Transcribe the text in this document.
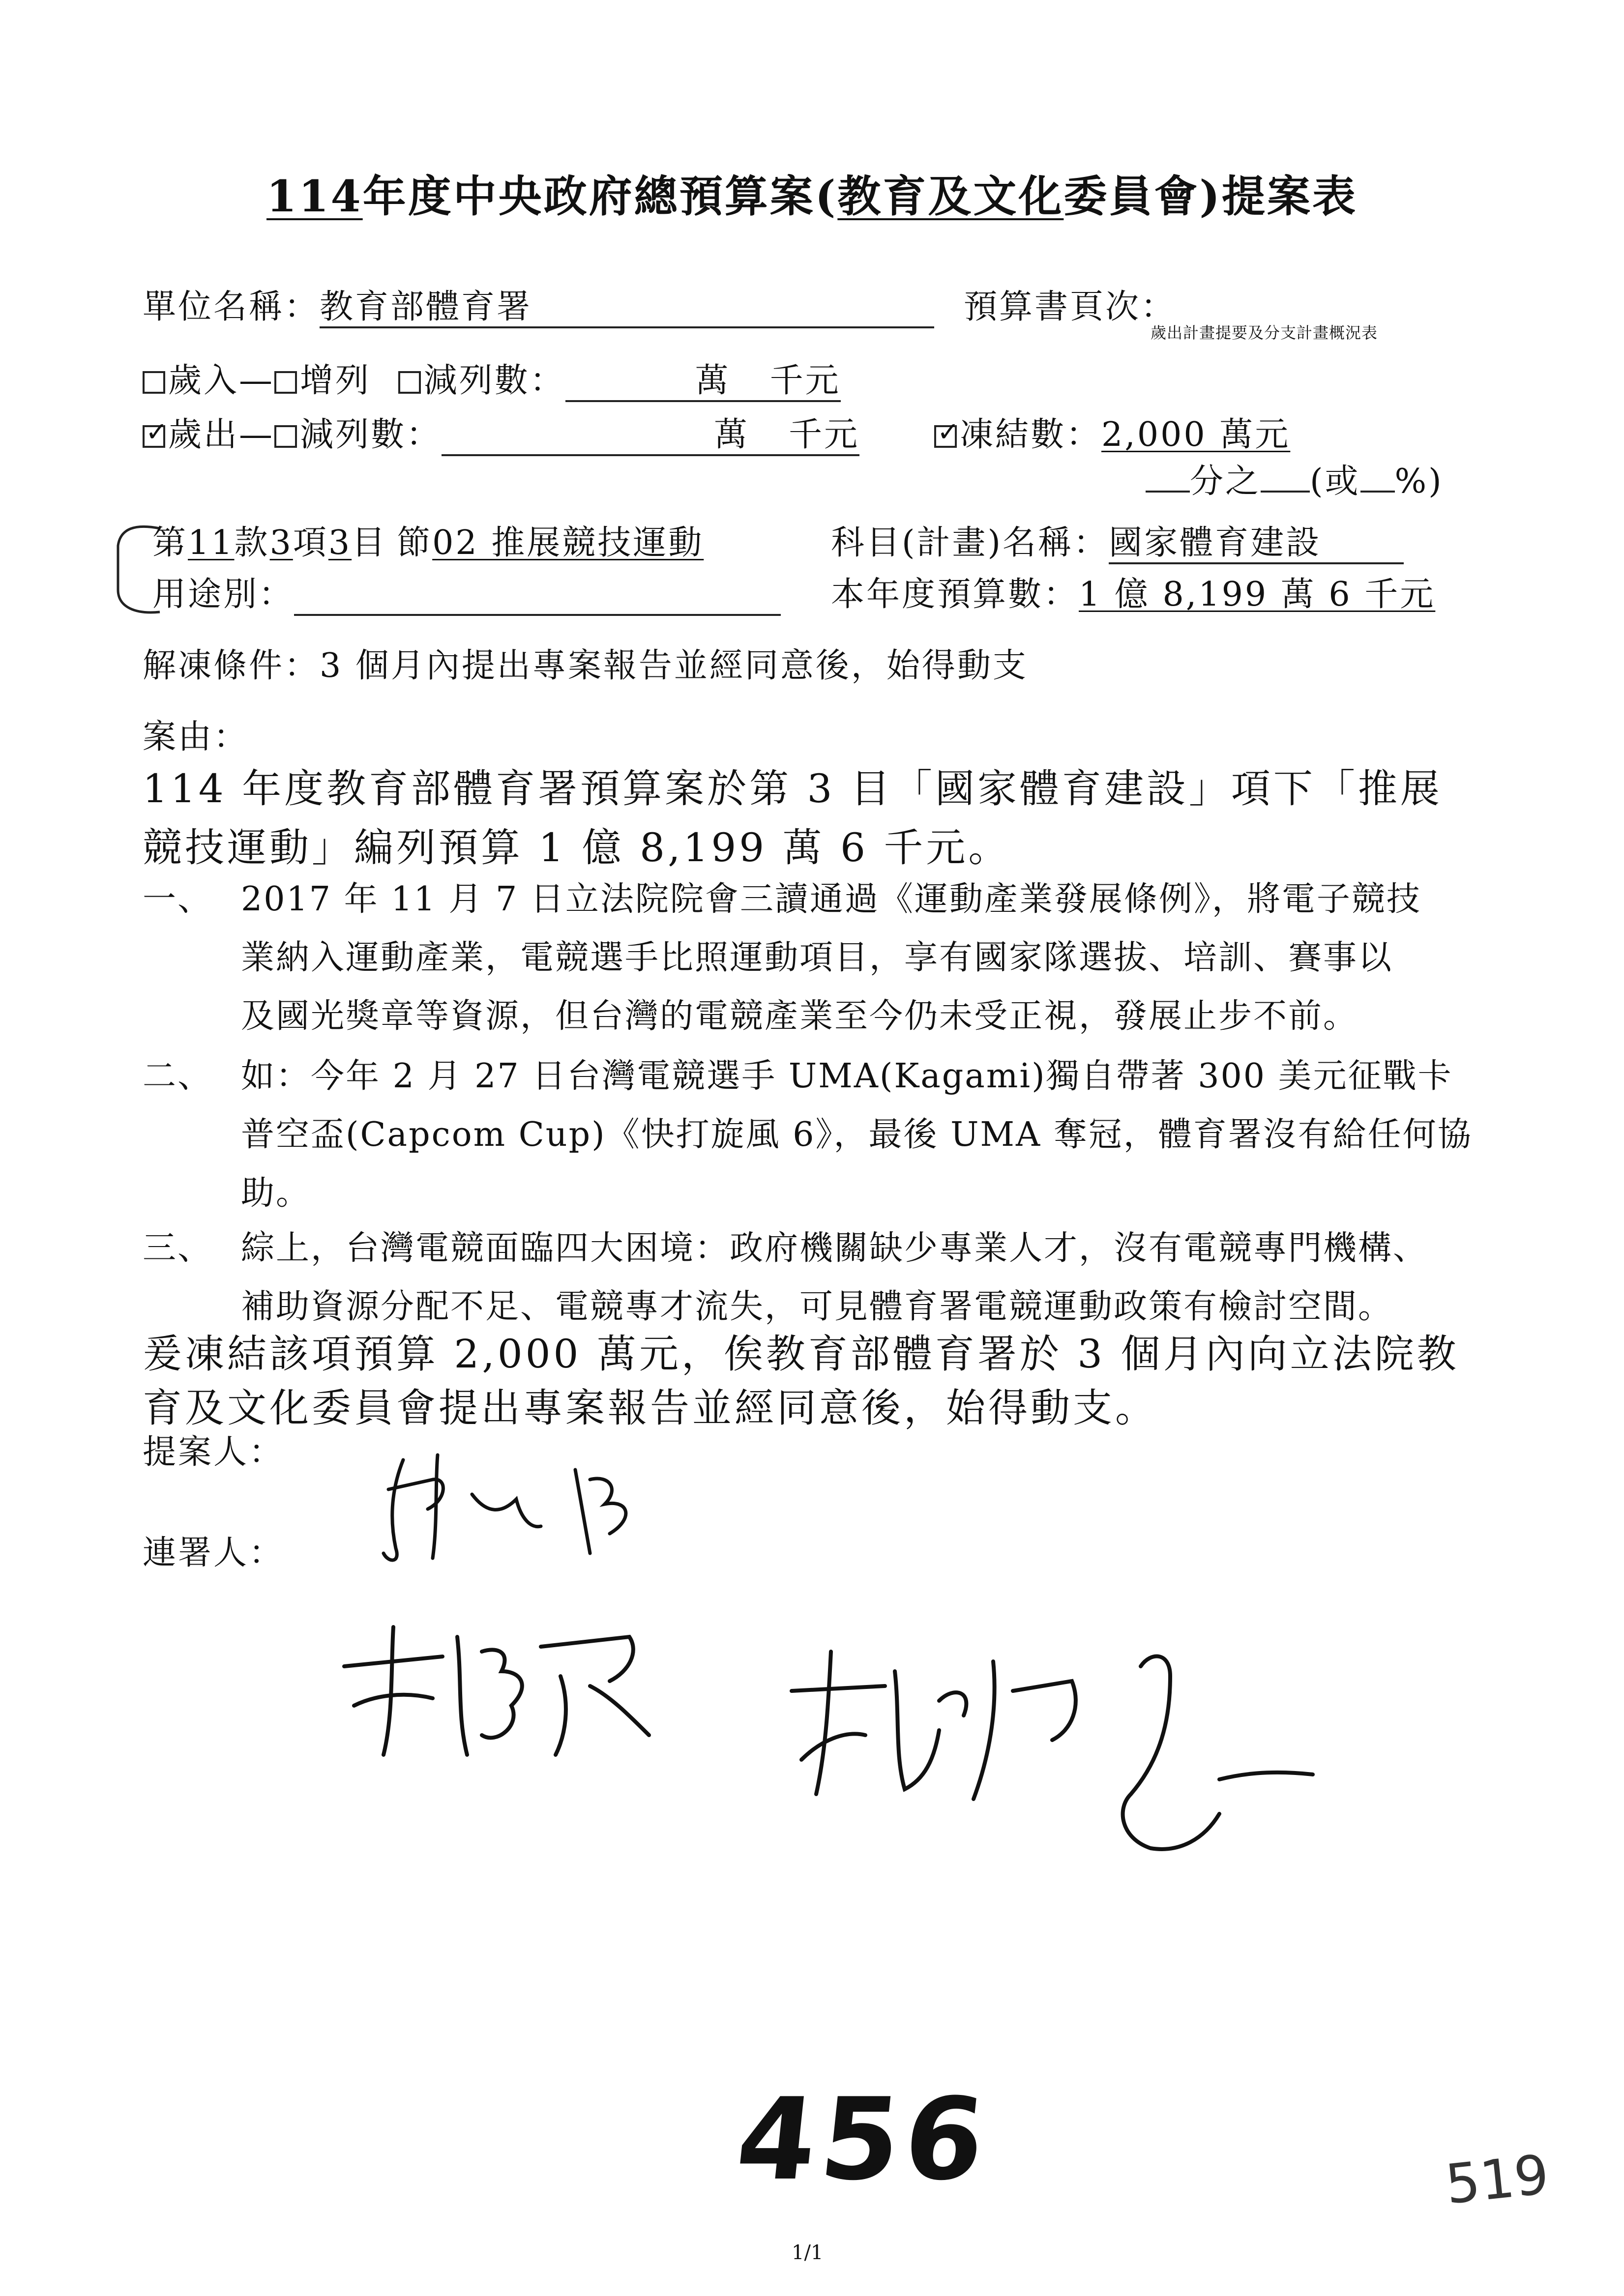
114年度中央政府總預算案(教育及文化委員會)提案表
單位名稱：教育部體育署	預算書頁次：
歲出計畫提要及分支計畫概況表
歲入— 增列 減列數：	萬 千元
✓歲出— 減列數：	萬 千元
✓	凍結數：2,000 萬元
分之 (或 %)
第11款3項3目 節02 推展競技運動	科目(計畫)名稱：國家體育建設
用途別：	本年度預算數：1 億 8,199 萬 6 千元
解凍條件：3 個月內提出專案報告並經同意後，始得動支
案由：
114 年度教育部體育署預算案於第 3 目「國家體育建設」項下「推展
競技運動」編列預算 1 億 8,199 萬 6 千元。
一、 2017 年 11 月 7 日立法院院會三讀通過《運動產業發展條例》，將電子競技
業納入運動產業，電競選手比照運動項目，享有國家隊選拔、培訓、賽事以
及國光獎章等資源，但台灣的電競產業至今仍未受正視，發展止步不前。
二、 如：今年 2 月 27 日台灣電競選手 UMA(Kagami)獨自帶著 300 美元征戰卡
普空盃(Capcom Cup)《快打旋風 6》，最後 UMA 奪冠，體育署沒有給任何協
助。
三、 綜上，台灣電競面臨四大困境：政府機關缺少專業人才，沒有電競專門機構、
補助資源分配不足、電競專才流失，可見體育署電競運動政策有檢討空間。
爰凍結該項預算 2,000 萬元，俟教育部體育署於 3 個月內向立法院教
育及文化委員會提出專案報告並經同意後，始得動支。
提案人：
連署人：
456	519
1/1
